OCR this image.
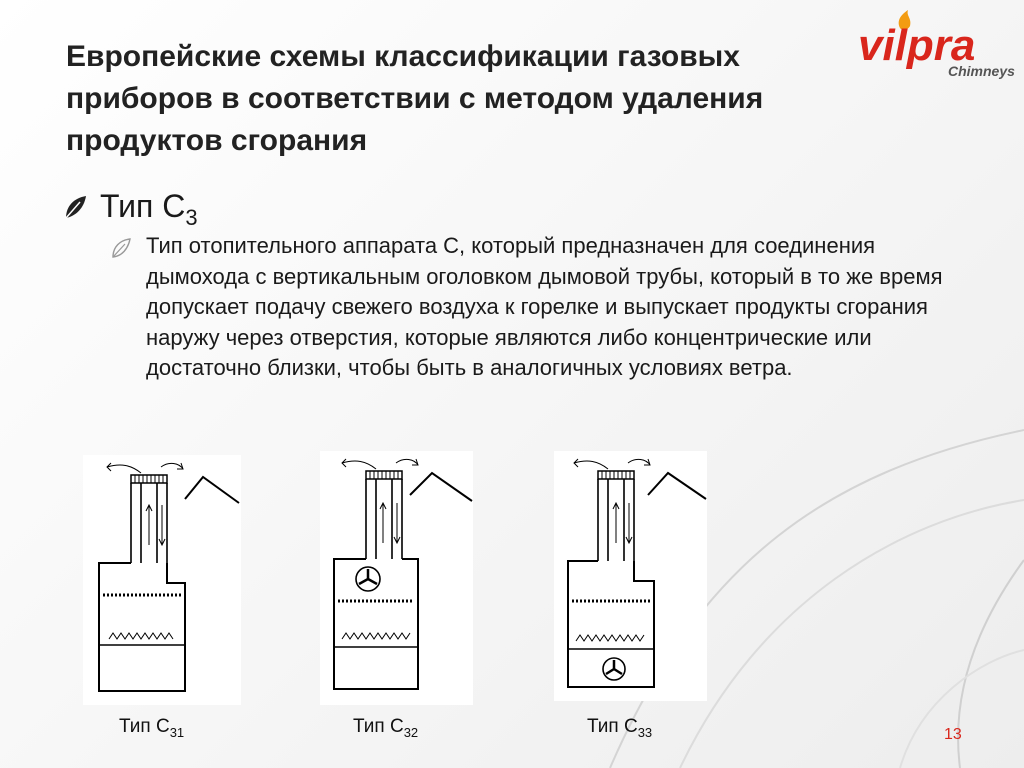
Европейские схемы классификации газовых приборов в соответствии с методом удаления продуктов сгорания
vilpra
Chimneys
Тип $С_3$
Тип отопительного аппарата С, который предназначен для соединения дымохода с вертикальным оголовком дымовой трубы, который в то же время допускает подачу свежего воздуха к горелке и выпускает продукты сгорания наружу через отверстия, которые являются либо концентрические или достаточно близки, чтобы быть в аналогичных условиях ветра.
Тип $С_{31}$	Тип $С_{32}$	Тип $С_{33}$	13
